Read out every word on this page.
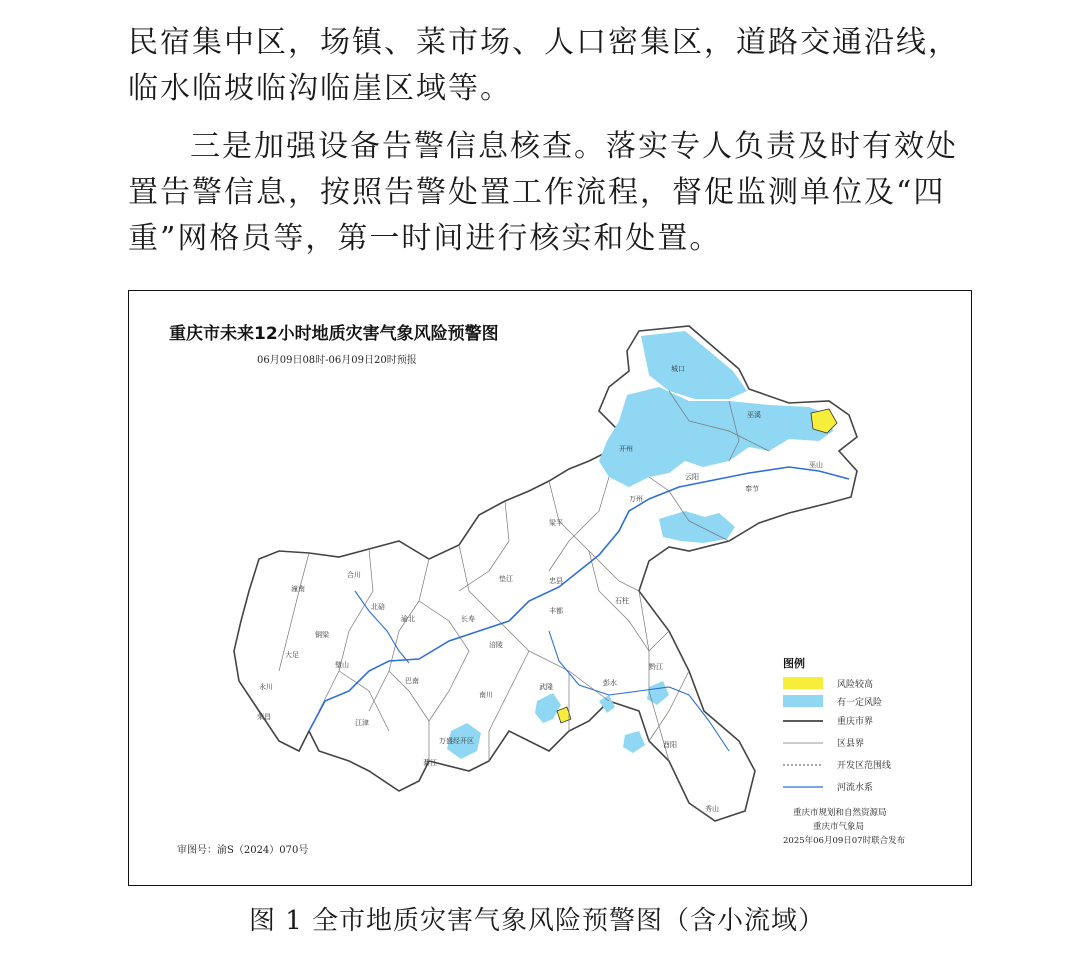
民宿集中区，场镇、菜市场、人口密集区，道路交通沿线，临水临坡临沟临崖区域等。

三是加强设备告警信息核查。落实专人负责及时有效处置告警信息，按照告警处置工作流程，督促监测单位及“四重”网格员等，第一时间进行核实和处置。

重庆市未来12小时地质灾害气象风险预警图
06月09日08时-06月09日20时预报
城口
开州
巫溪
巫山
奉节
云阳
万州
梁平
忠县
石柱
垫江
长寿
涪陵
丰都
武隆	彭水
黔江
酉阳
秀山
南川
万盛经开区
綦江
江津
永川
大足
荣昌
潼南
铜梁
合川
璧山
北碚
渝北
巴南
图例
风险较高
有一定风险
重庆市界
区县界
开发区范围线
河流水系
重庆市规划和自然资源局
重庆市气象局
2025年06月09日07时联合发布
审图号：渝S（2024）070号
图 1 全市地质灾害气象风险预警图（含小流域）
